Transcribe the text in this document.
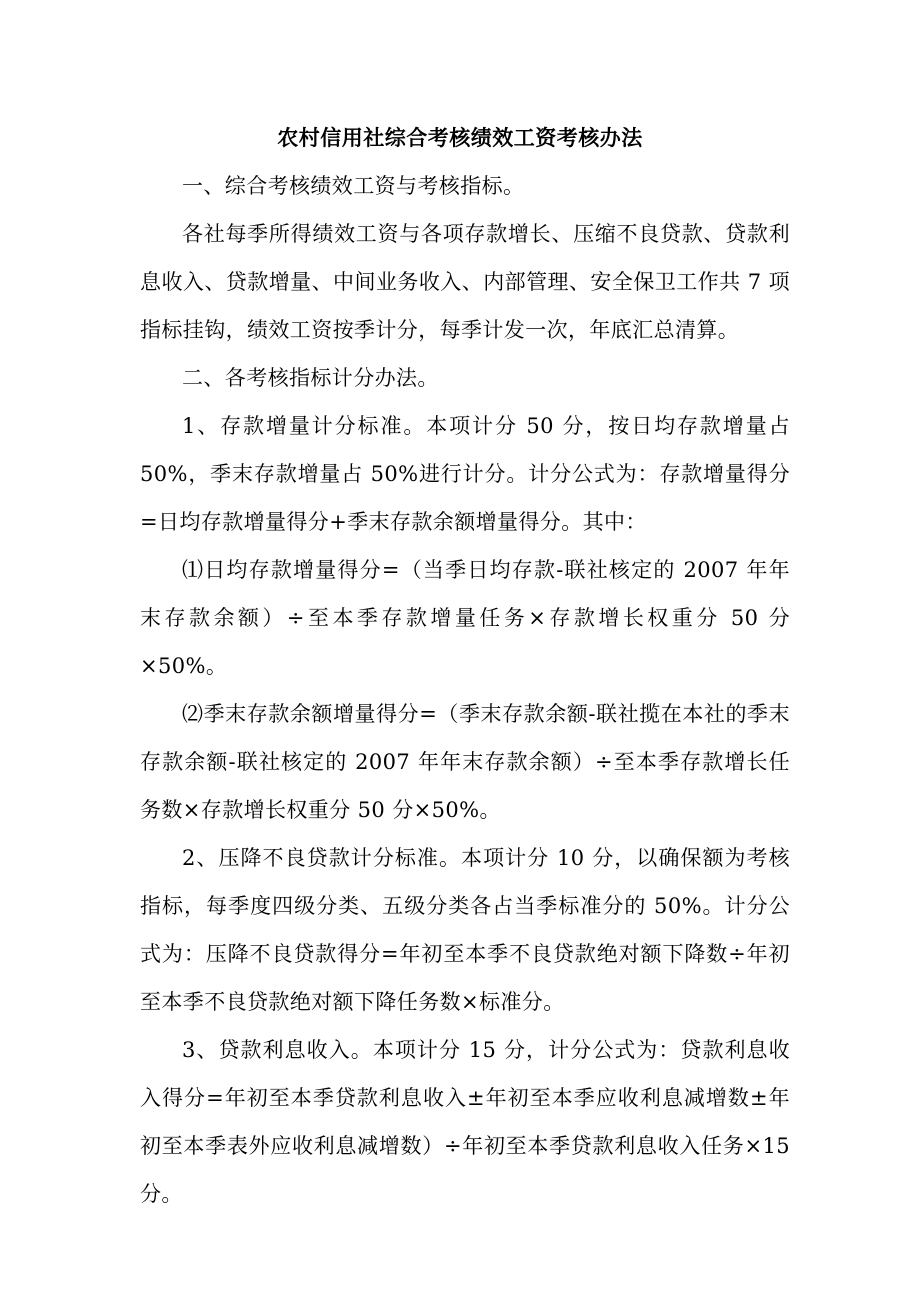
农村信用社综合考核绩效工资考核办法

一、综合考核绩效工资与考核指标。

各社每季所得绩效工资与各项存款增长、压缩不良贷款、贷款利息收入、贷款增量、中间业务收入、内部管理、安全保卫工作共 7 项指标挂钩，绩效工资按季计分，每季计发一次，年底汇总清算。

二、各考核指标计分办法。

1、存款增量计分标准。本项计分 50 分，按日均存款增量占 50%，季末存款增量占 50%进行计分。计分公式为：存款增量得分=日均存款增量得分+季末存款余额增量得分。其中：

⑴日均存款增量得分=（当季日均存款-联社核定的 2007 年年末存款余额）÷至本季存款增量任务×存款增长权重分 50 分×50%。

⑵季末存款余额增量得分=（季末存款余额-联社揽在本社的季末存款余额-联社核定的 2007 年年末存款余额）÷至本季存款增长任务数×存款增长权重分 50 分×50%。

2、压降不良贷款计分标准。本项计分 10 分，以确保额为考核指标，每季度四级分类、五级分类各占当季标准分的 50%。计分公式为：压降不良贷款得分=年初至本季不良贷款绝对额下降数÷年初至本季不良贷款绝对额下降任务数×标准分。

3、贷款利息收入。本项计分 15 分，计分公式为：贷款利息收入得分=年初至本季贷款利息收入±年初至本季应收利息减增数±年初至本季表外应收利息减增数）÷年初至本季贷款利息收入任务×15 分。
